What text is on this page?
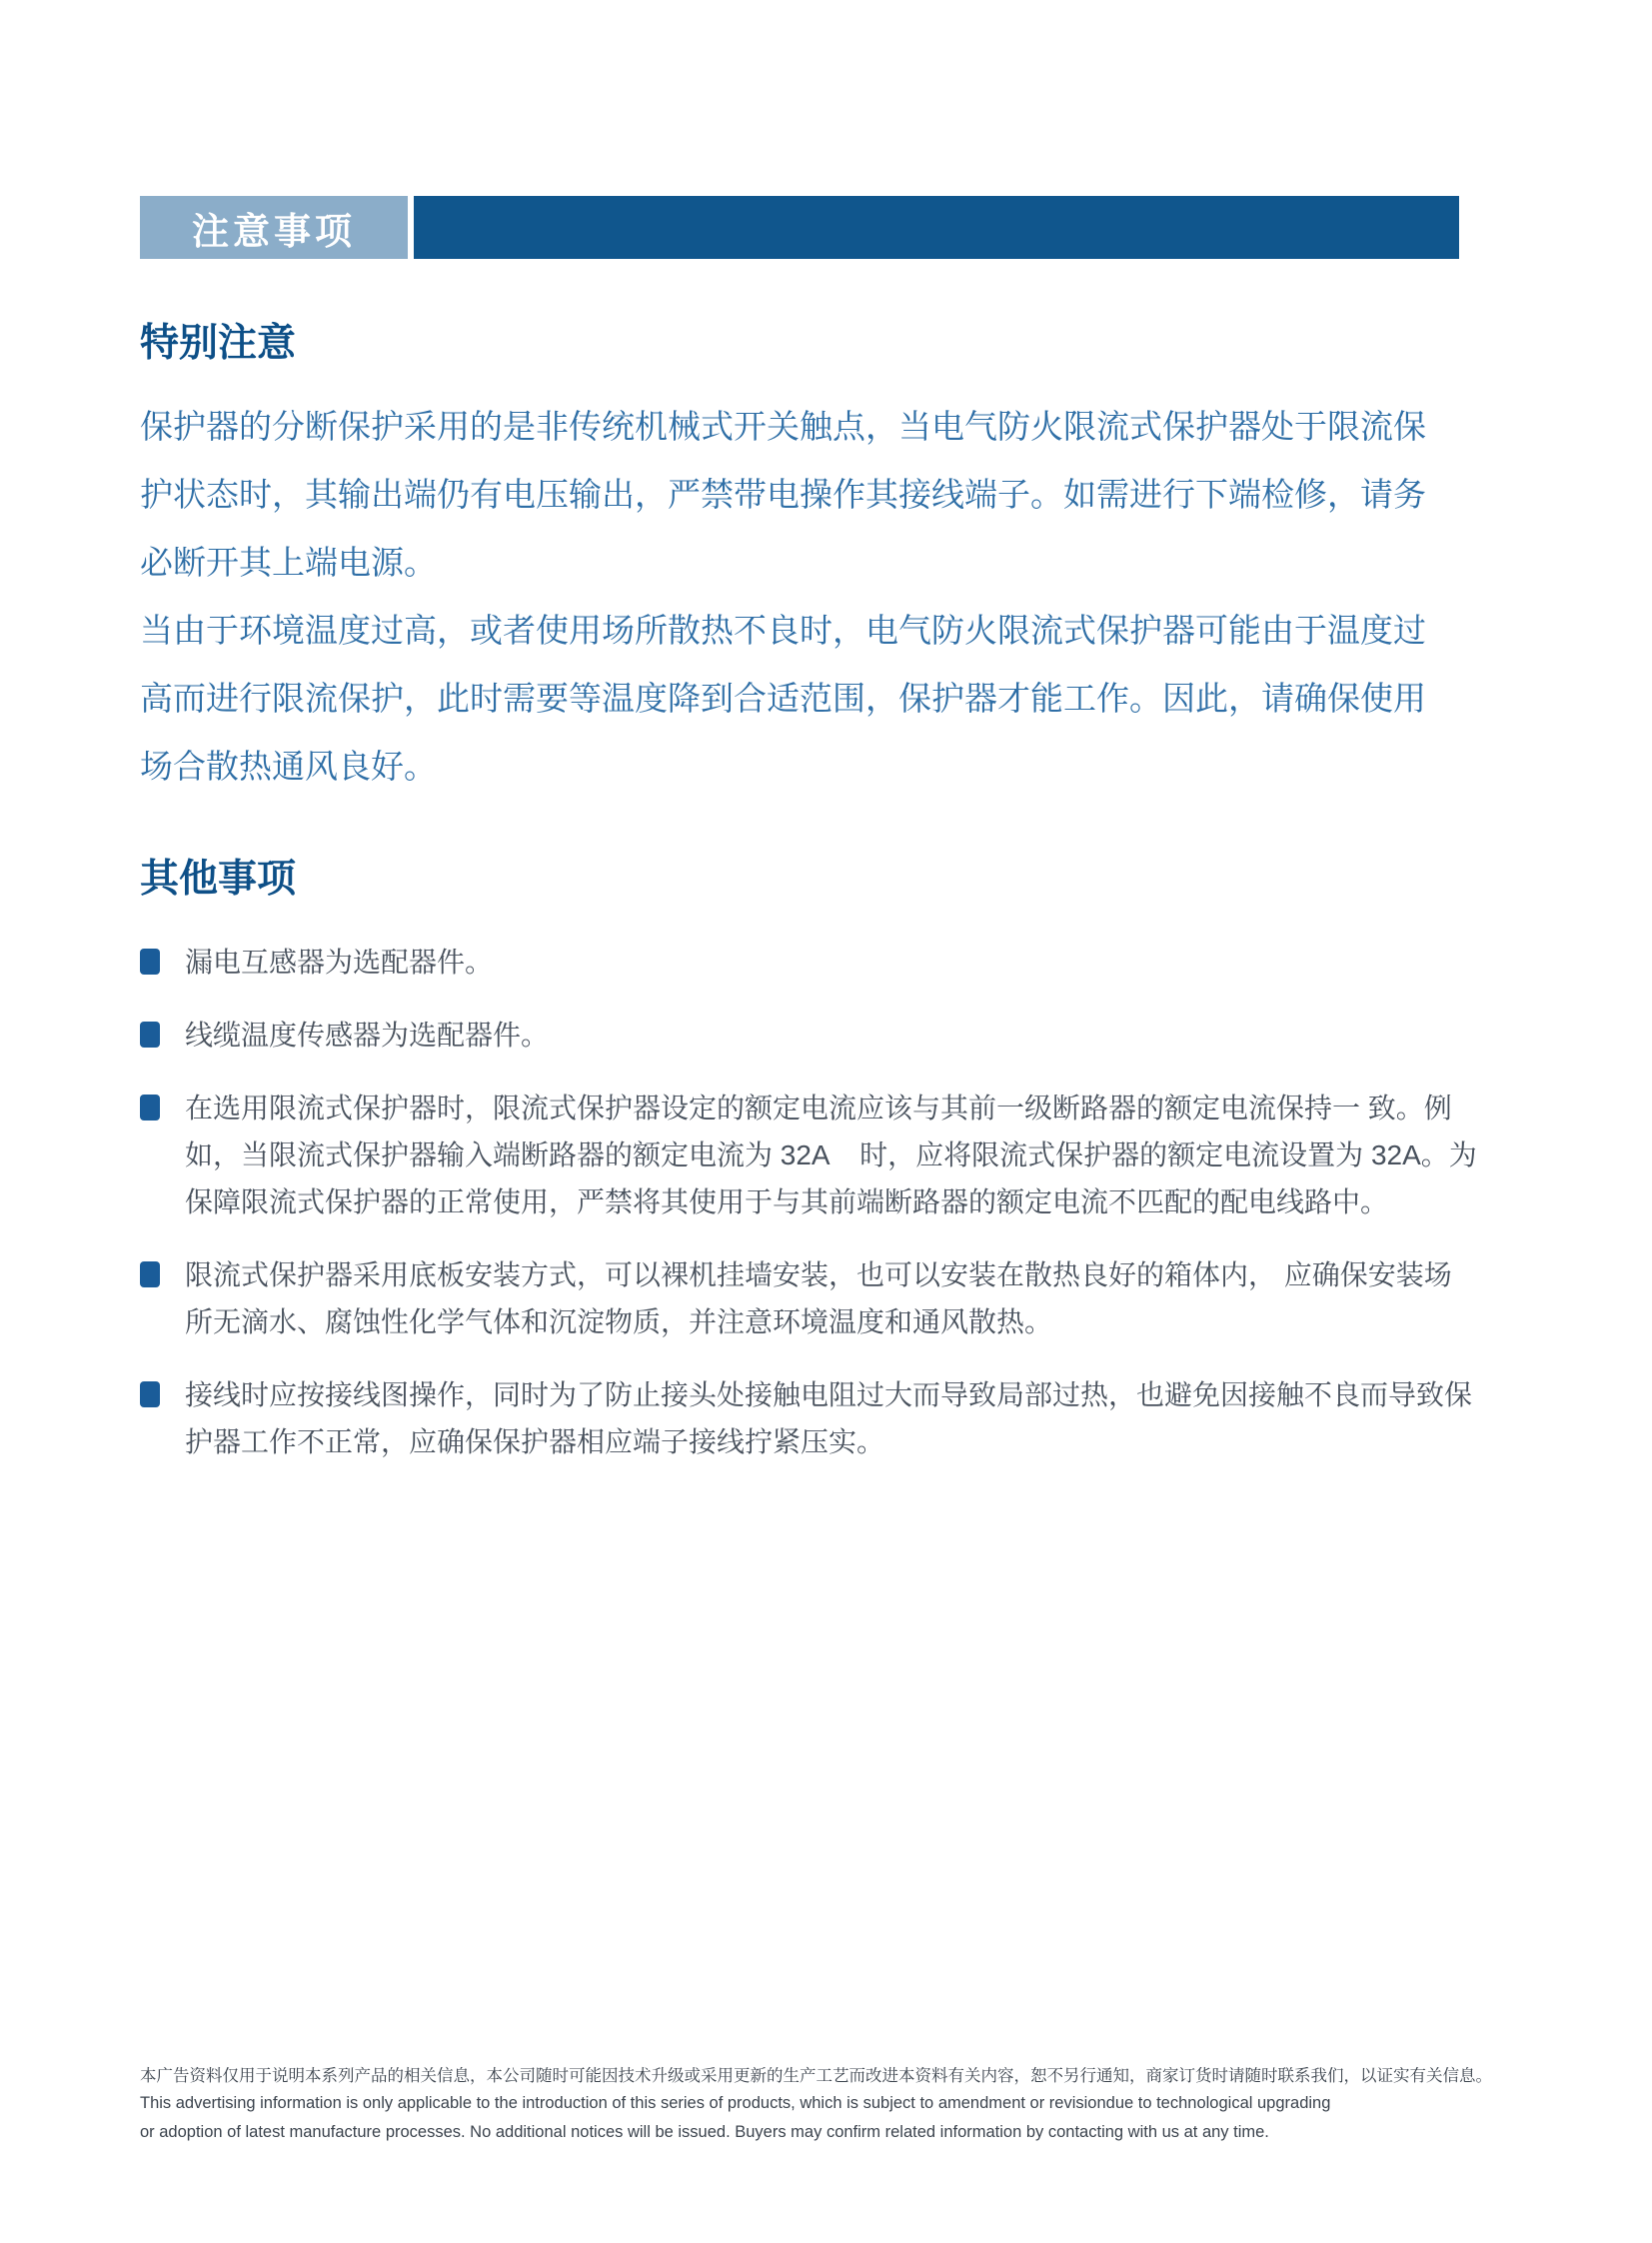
注意事项
特别注意

保护器的分断保护采用的是非传统机械式开关触点，当电气防火限流式保护器处于限流保护状态时，其输出端仍有电压输出，严禁带电操作其接线端子。如需进行下端检修，请务必断开其上端电源。

当由于环境温度过高，或者使用场所散热不良时，电气防火限流式保护器可能由于温度过高而进行限流保护，此时需要等温度降到合适范围，保护器才能工作。因此，请确保使用场合散热通风良好。

其他事项
漏电互感器为选配器件。
线缆温度传感器为选配器件。
在选用限流式保护器时，限流式保护器设定的额定电流应该与其前一级断路器的额定电流保持一 致。例如，当限流式保护器输入端断路器的额定电流为 32A    时，应将限流式保护器的额定电流设置为 32A。为保障限流式保护器的正常使用，严禁将其使用于与其前端断路器的额定电流不匹配的配电线路中。
限流式保护器采用底板安装方式，可以裸机挂墙安装，也可以安装在散热良好的箱体内， 应确保安装场所无滴水、腐蚀性化学气体和沉淀物质，并注意环境温度和通风散热。
接线时应按接线图操作，同时为了防止接头处接触电阻过大而导致局部过热，也避免因接触不良而导致保护器工作不正常，应确保保护器相应端子接线拧紧压实。

本广告资料仅用于说明本系列产品的相关信息，本公司随时可能因技术升级或采用更新的生产工艺而改进本资料有关内容，恕不另行通知，商家订货时请随时联系我们，以证实有关信息。

This advertising information is only applicable to the introduction of this series of products, which is subject to amendment or revisiondue to technological upgrading

or adoption of latest manufacture processes. No additional notices will be issued. Buyers may confirm related information by contacting with us at any time.
